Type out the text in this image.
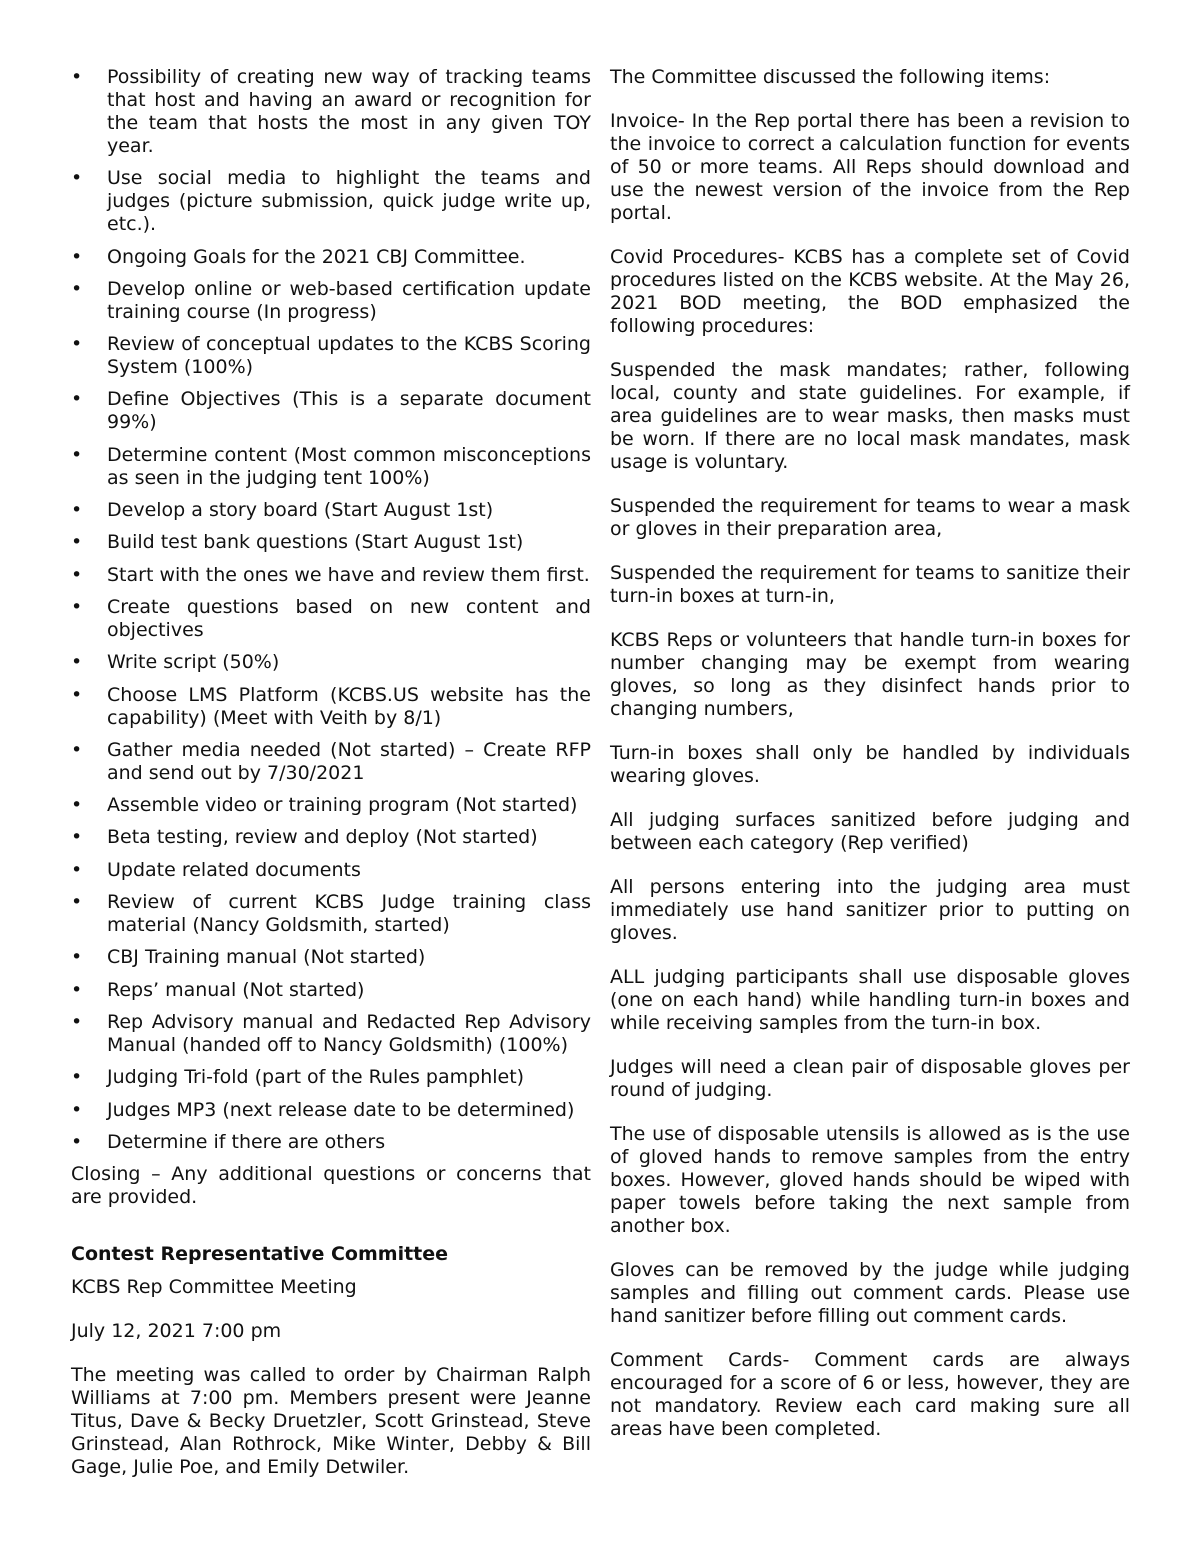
• Possibility of creating new way of tracking teams that host and having an award or recognition for the team that hosts the most in any given TOY year.
• Use social media to highlight the teams and judges (picture submission, quick judge write up, etc.).
• Ongoing Goals for the 2021 CBJ Committee.
• Develop online or web-based certification update training course (In progress)
• Review of conceptual updates to the KCBS Scoring System (100%)
• Define Objectives (This is a separate document 99%)
• Determine content (Most common misconceptions as seen in the judging tent 100%)
• Develop a story board (Start August 1st)
• Build test bank questions (Start August 1st)
• Start with the ones we have and review them first.
• Create questions based on new content and objectives
• Write script (50%)
• Choose LMS Platform (KCBS.US website has the capability) (Meet with Veith by 8/1)
• Gather media needed (Not started) – Create RFP and send out by 7/30/2021
• Assemble video or training program (Not started)
• Beta testing, review and deploy (Not started)
• Update related documents
• Review of current KCBS Judge training class material (Nancy Goldsmith, started)
• CBJ Training manual (Not started)
• Reps’ manual (Not started)
• Rep Advisory manual and Redacted Rep Advisory Manual (handed off to Nancy Goldsmith) (100%)
• Judging Tri-fold (part of the Rules pamphlet)
• Judges MP3 (next release date to be determined)
• Determine if there are others

Closing – Any additional questions or concerns that are provided.

Contest Representative Committee

KCBS Rep Committee Meeting

July 12, 2021 7:00 pm

The meeting was called to order by Chairman Ralph Williams at 7:00 pm. Members present were Jeanne Titus, Dave & Becky Druetzler, Scott Grinstead, Steve Grinstead, Alan Rothrock, Mike Winter, Debby & Bill Gage, Julie Poe, and Emily Detwiler.

The Committee discussed the following items:

Invoice- In the Rep portal there has been a revision to the invoice to correct a calculation function for events of 50 or more teams. All Reps should download and use the newest version of the invoice from the Rep portal.

Covid Procedures- KCBS has a complete set of Covid procedures listed on the KCBS website. At the May 26, 2021 BOD meeting, the BOD emphasized the following procedures:

Suspended the mask mandates; rather, following local, county and state guidelines. For example, if area guidelines are to wear masks, then masks must be worn. If there are no local mask mandates, mask usage is voluntary.

Suspended the requirement for teams to wear a mask or gloves in their preparation area,

Suspended the requirement for teams to sanitize their turn-in boxes at turn-in,

KCBS Reps or volunteers that handle turn-in boxes for number changing may be exempt from wearing gloves, so long as they disinfect hands prior to changing numbers,

Turn-in boxes shall only be handled by individuals wearing gloves.

All judging surfaces sanitized before judging and between each category (Rep verified)

All persons entering into the judging area must immediately use hand sanitizer prior to putting on gloves.

ALL judging participants shall use disposable gloves (one on each hand) while handling turn-in boxes and while receiving samples from the turn-in box.

Judges will need a clean pair of disposable gloves per round of judging.

The use of disposable utensils is allowed as is the use of gloved hands to remove samples from the entry boxes. However, gloved hands should be wiped with paper towels before taking the next sample from another box.

Gloves can be removed by the judge while judging samples and filling out comment cards. Please use hand sanitizer before filling out comment cards.

Comment Cards- Comment cards are always encouraged for a score of 6 or less, however, they are not mandatory. Review each card making sure all areas have been completed.
